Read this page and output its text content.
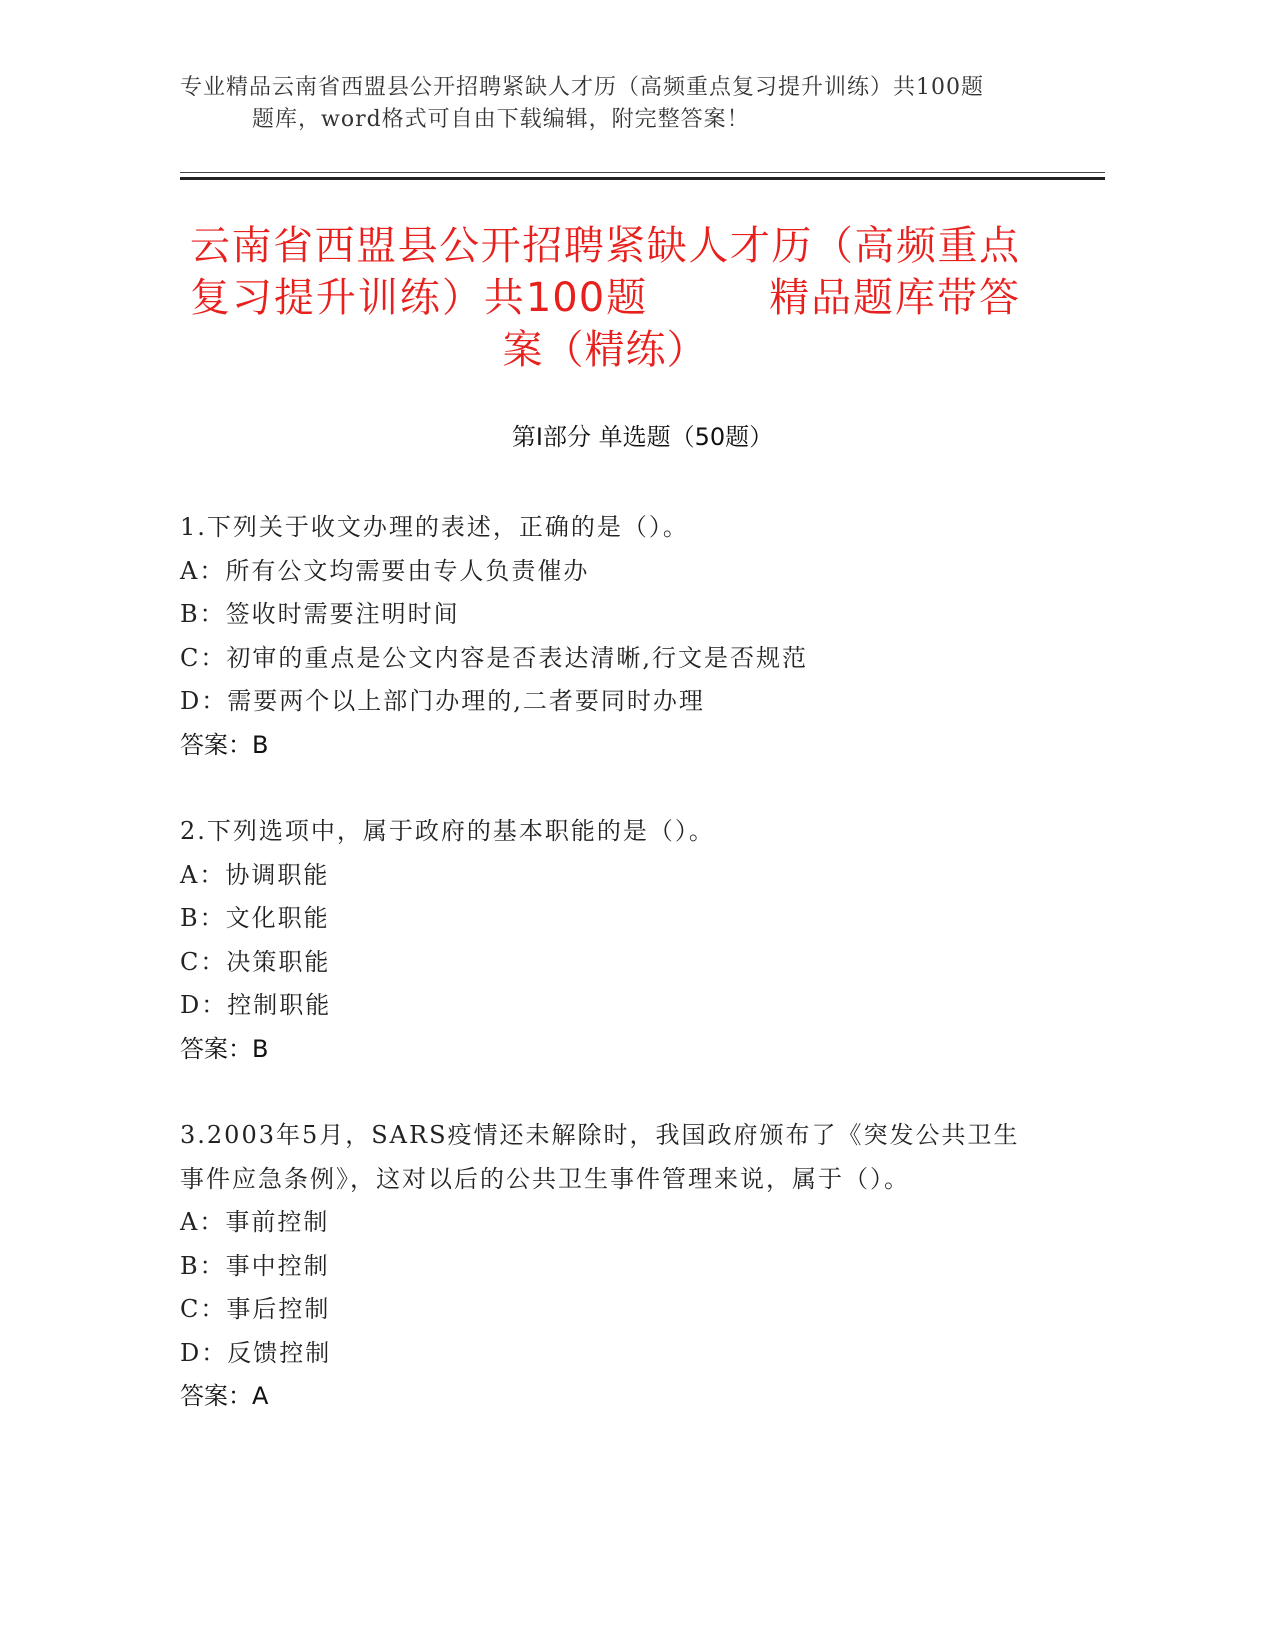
专业精品云南省西盟县公开招聘紧缺人才历（高频重点复习提升训练）共100题
题库，word格式可自由下载编辑，附完整答案！
云南省西盟县公开招聘紧缺人才历（高频重点复习提升训练）共100题	精品题库带答案（精练）
第I部分 单选题（50题）
1.下列关于收文办理的表述，正确的是（）。
A：所有公文均需要由专人负责催办
B：签收时需要注明时间
C：初审的重点是公文内容是否表达清晰,行文是否规范
D：需要两个以上部门办理的,二者要同时办理
答案：B
2.下列选项中，属于政府的基本职能的是（）。
A：协调职能
B：文化职能
C：决策职能
D：控制职能
答案：B
3.2003年5月，SARS疫情还未解除时，我国政府颁布了《突发公共卫生事件应急条例》，这对以后的公共卫生事件管理来说，属于（）。
A：事前控制
B：事中控制
C：事后控制
D：反馈控制
答案：A
